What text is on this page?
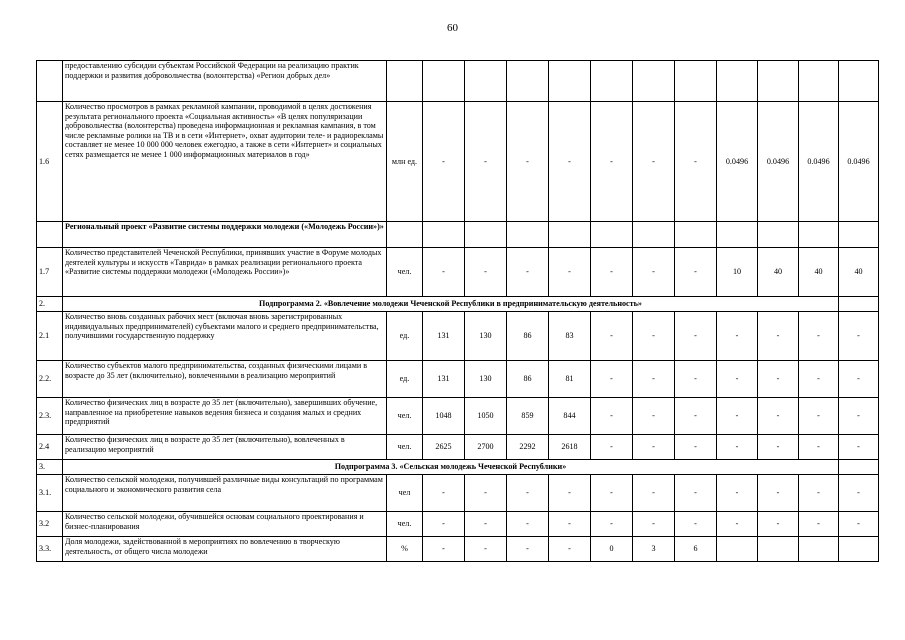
60
	предоставлению субсидии субъектам Российской Федерации на реализацию практик поддержки и развития добровольчества (волонтерства) «Регион добрых дел»												
1.6	Количество просмотров в рамках рекламной кампании, проводимой в целях достижения результата регионального проекта «Социальная активность» «В целях популяризации добровольчества (волонтерства) проведена информационная и рекламная кампания, в том числе рекламные ролики на ТВ и в сети «Интернет», охват аудитории теле- и радиорекламы составляет не менее 10 000 000 человек ежегодно, а также в сети «Интернет» и социальных сетях размещается не менее 1 000 информационных материалов в год»	млн ед.	-	-	-	-	-	-	-	0.0496	0.0496	0.0496	0.0496
	Региональный проект «Развитие системы поддержки молодежи («Молодежь России»)»												
1.7	Количество представителей Чеченской Республики, принявших участие в Форуме молодых деятелей культуры и искусств «Таврида» в рамках реализации регионального проекта «Развитие системы поддержки молодежи («Молодежь России»)»	чел.	-	-	-	-	-	-	-	10	40	40	40
2.	Подпрограмма 2. «Вовлечение молодежи Чеченской Республики в предпринимательскую деятельность»												
2.1	Количество вновь созданных рабочих мест (включая вновь зарегистрированных индивидуальных предпринимателей) субъектами малого и среднего предпринимательства, получившими государственную поддержку	ед.	131	130	86	83	-	-	-	-	-	-	-
2.2.	Количество субъектов малого предпринимательства, созданных физическими лицами в возрасте до 35 лет (включительно), вовлеченными в реализацию мероприятий	ед.	131	130	86	81	-	-	-	-	-	-	-
2.3.	Количество физических лиц в возрасте до 35 лет (включительно), завершивших обучение, направленное на приобретение навыков ведения бизнеса и создания малых и средних предприятий	чел.	1048	1050	859	844	-	-	-	-	-	-	-
2.4	Количество физических лиц в возрасте до 35 лет (включительно), вовлеченных в реализацию мероприятий	чел.	2625	2700	2292	2618	-	-	-	-	-	-	-
3.	Подпрограмма 3. «Сельская молодежь Чеченской Республики»												
3.1.	Количество сельской молодежи, получившей различные виды консультаций по программам социального и экономического развития села	чел	-	-	-	-	-	-	-	-	-	-	-
3.2	Количество сельской молодежи, обучившейся основам социального проектирования и бизнес-планирования	чел.	-	-	-	-	-	-	-	-	-	-	-
3.3.	Доля молодежи, задействованной в мероприятиях по вовлечению в творческую деятельность, от общего числа молодежи	%	-	-	-	-	0	3	6				
